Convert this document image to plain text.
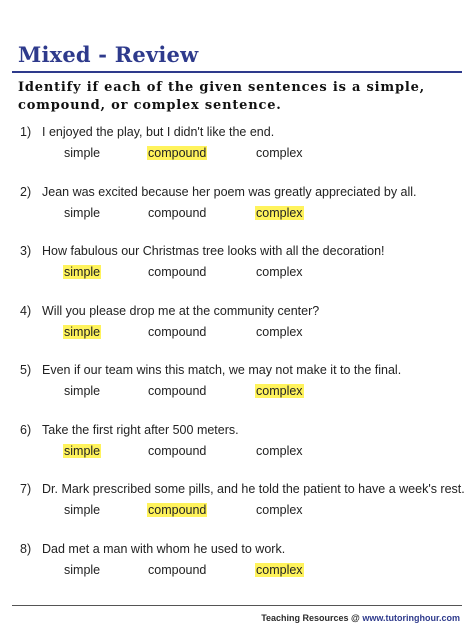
Mixed - Review
Identify if each of the given sentences is a simple, compound, or complex sentence.
1) I enjoyed the play, but I didn't like the end.
simple	compound	complex
2) Jean was excited because her poem was greatly appreciated by all.
simple	compound	complex
3) How fabulous our Christmas tree looks with all the decoration!
simple	compound	complex
4) Will you please drop me at the community center?
simple	compound	complex
5) Even if our team wins this match, we may not make it to the final.
simple	compound	complex
6) Take the first right after 500 meters.
simple	compound	complex
7) Dr. Mark prescribed some pills, and he told the patient to have a week's rest.
simple	compound	complex
8) Dad met a man with whom he used to work.
simple	compound	complex
Teaching Resources @ www.tutoringhour.com
